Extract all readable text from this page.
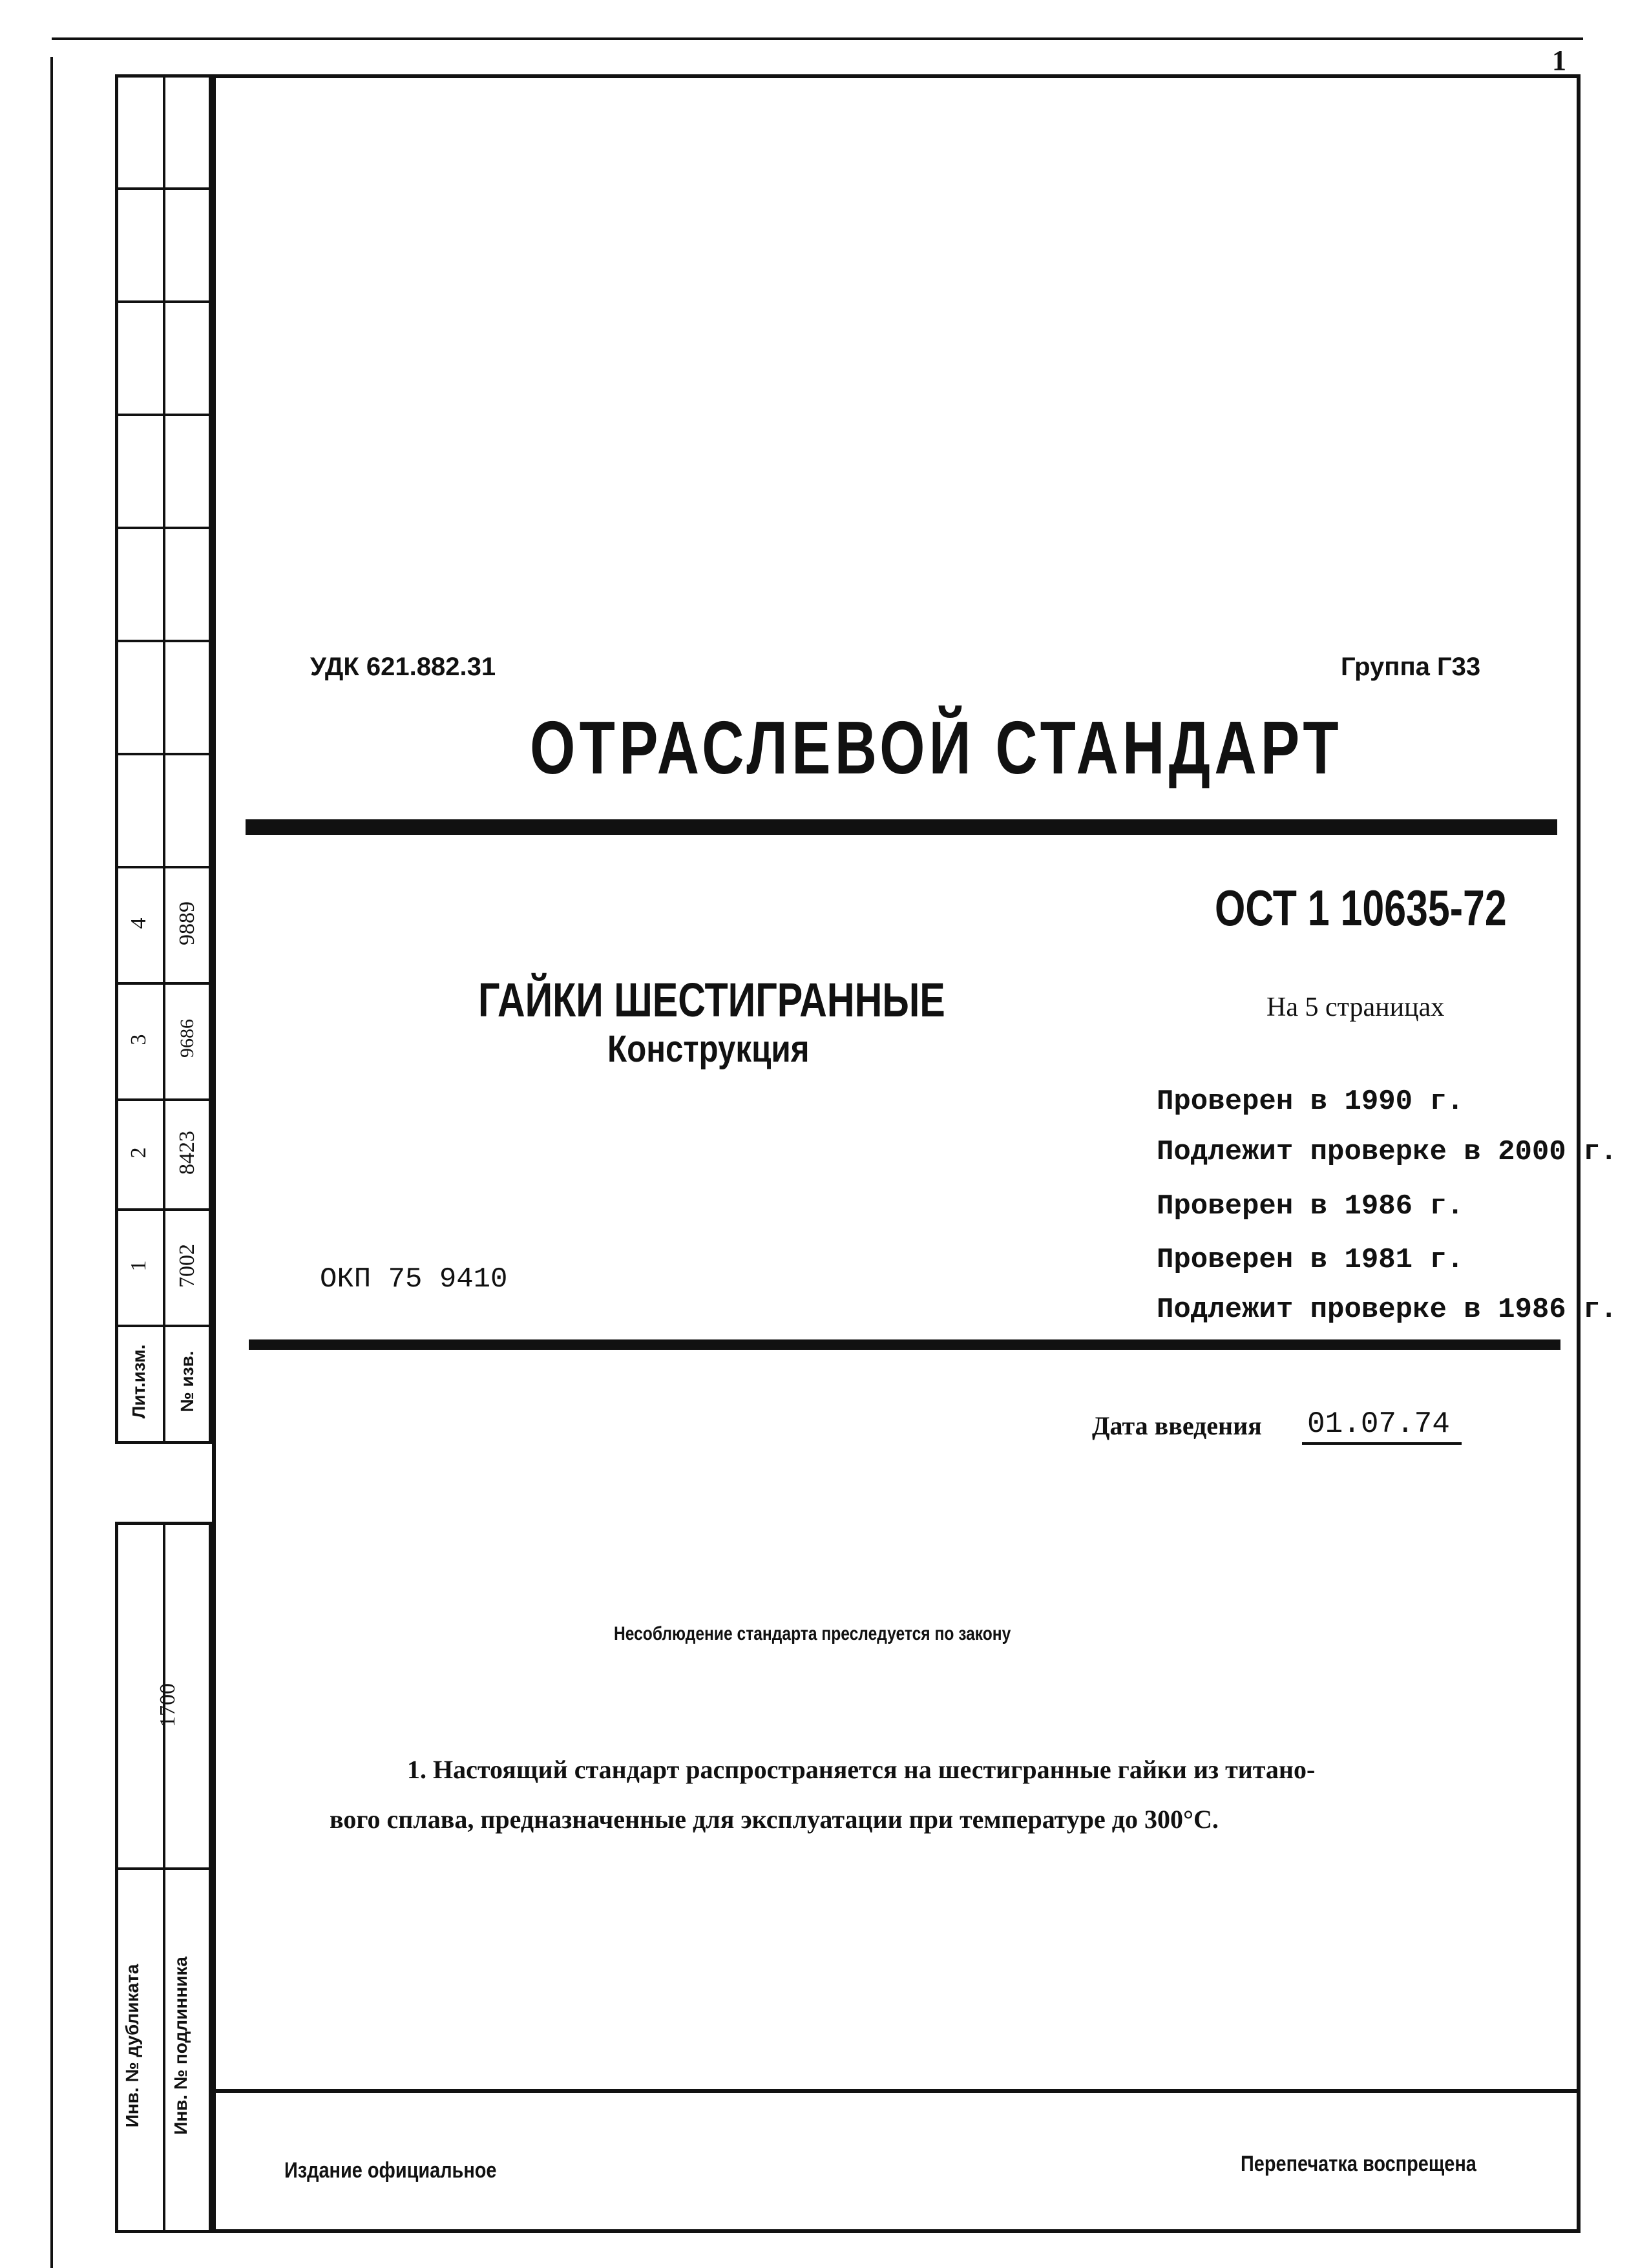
1
4 9889
3 9686
2 8423
1 7002
Лит.изм. № изв.
1700
Инв. № дубликата Инв. № подлинника
УДК 621.882.31	Группа Г33
ОТРАСЛЕВОЙ СТАНДАРТ
ОСТ 1 10635-72
ГАЙКИ ШЕСТИГРАННЫЕ
Конструкция
На 5 страницах
Проверен в 1990 г.
Подлежит проверке в 2000 г.
Проверен в 1986 г.
Проверен в 1981 г.
Подлежит проверке в 1986 г.
ОКП 75 9410
Дата введения 01.07.74
Несоблюдение стандарта преследуется по закону
1. Настоящий стандарт распространяется на шестигранные гайки из титано-
вого сплава, предназначенные для эксплуатации при температуре до 300°С.
Издание официальное	Перепечатка воспрещена
